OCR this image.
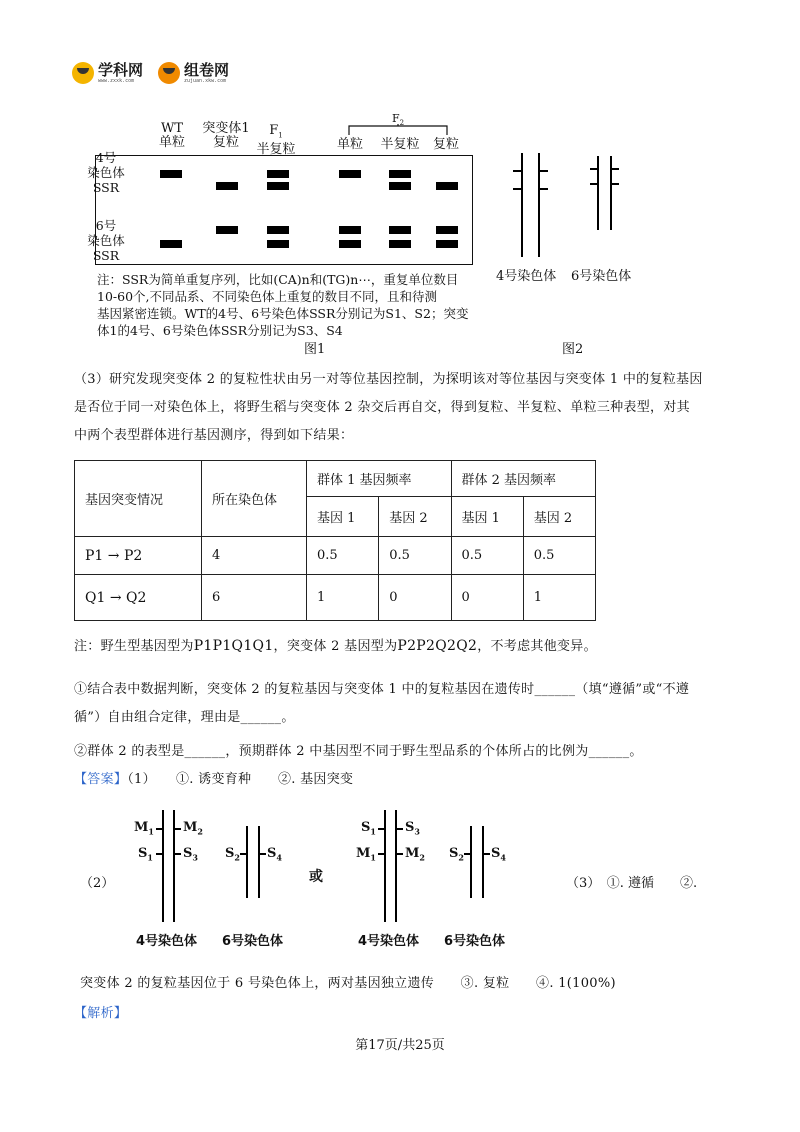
学科网
www.zxxk.com
组卷网
zujuan.xkw.com
$F_2$
WT
单粒
突变体1
复粒
$F_1$
半复粒	单粒	半复粒	复粒
4号
染色体
SSR
6号
染色体
SSR
注：SSR为简单重复序列，比如(CA)n和(TG)n⋯，重复单位数目
10-60个,不同品系、不同染色体上重复的数目不同，且和待测
基因紧密连锁。WT的4号、6号染色体SSR分别记为S1、S2；突变
体1的4号、6号染色体SSR分别记为S3、S4
图1
4号染色体 6号染色体
图2
（3）研究发现突变体 2 的复粒性状由另一对等位基因控制，为探明该对等位基因与突变体 1 中的复粒基因
是否位于同一对染色体上，将野生稻与突变体 2 杂交后再自交，得到复粒、半复粒、单粒三种表型，对其
中两个表型群体进行基因测序，得到如下结果：
基因突变情况	所在染色体	群体 1 基因频率		群体 2 基因频率	
		基因 1	基因 2	基因 1	基因 2
P1 → P2	4	0.5	0.5	0.5	0.5
Q1 → Q2	6	1	0	0	1
注：野生型基因型为P1P1Q1Q1，突变体 2 基因型为P2P2Q2Q2，不考虑其他变异。
①结合表中数据判断，突变体 2 的复粒基因与突变体 1 中的复粒基因在遗传时______（填“遵循”或“不遵
循”）自由组合定律，理由是______。
②群体 2 的表型是______，预期群体 2 中基因型不同于野生型品系的个体所占的比例为______。
【答案】（1）　　①. 诱变育种　　②. 基因突变
（2）	或	（3）　①. 遵循　　②.
$M_1$ $M_2$
$S_1$ $S_3$ $S_2$ $S_4$
4号染色体 6号染色体
$S_1$ $S_3$
$M_1$ $M_2$ $S_2$ $S_4$
4号染色体 6号染色体
突变体 2 的复粒基因位于 6 号染色体上，两对基因独立遗传　　③. 复粒　　④. 1(100%)
【解析】
第17页/共25页
